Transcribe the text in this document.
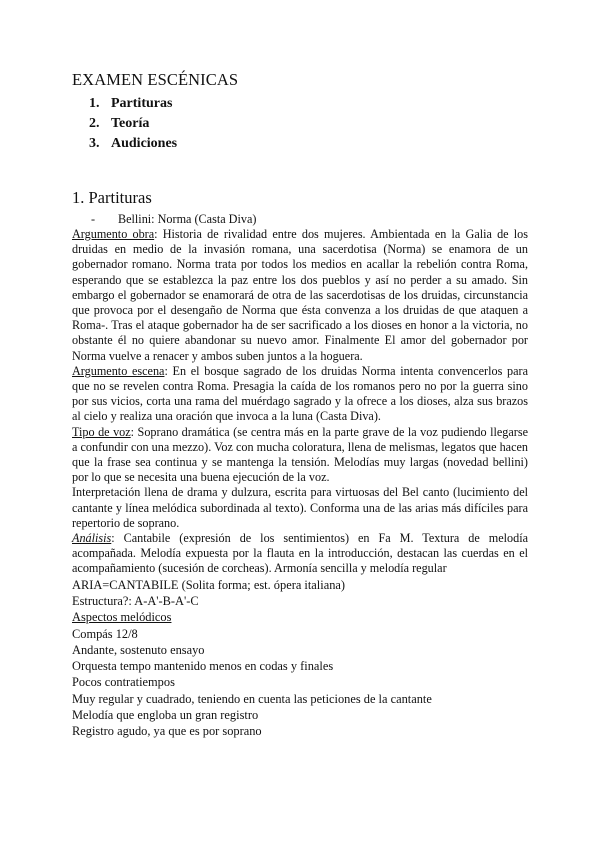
EXAMEN ESCÉNICAS
1. Partituras
2. Teoría
3. Audiciones
1. Partituras
- Bellini: Norma (Casta Diva)

Argumento obra: Historia de rivalidad entre dos mujeres. Ambientada en la Galia de los druidas en medio de la invasión romana, una sacerdotisa (Norma) se enamora de un gobernador romano. Norma trata por todos los medios en acallar la rebelión contra Roma, esperando que se establezca la paz entre los dos pueblos y así no perder a su amado. Sin embargo el gobernador se enamorará de otra de las sacerdotisas de los druidas, circunstancia que provoca por el desengaño de Norma que ésta convenza a los druidas de que ataquen a Roma-. Tras el ataque gobernador ha de ser sacrificado a los dioses en honor a la victoria, no obstante él no quiere abandonar su nuevo amor. Finalmente El amor del gobernador por Norma vuelve a renacer y ambos suben juntos a la hoguera.

Argumento escena: En el bosque sagrado de los druidas Norma intenta convencerlos para que no se revelen contra Roma. Presagia la caída de los romanos pero no por la guerra sino por sus vicios, corta una rama del muérdago sagrado y la ofrece a los dioses, alza sus brazos al cielo y realiza una oración que invoca a la luna (Casta Diva).

Tipo de voz: Soprano dramática (se centra más en la parte grave de la voz pudiendo llegarse a confundir con una mezzo). Voz con mucha coloratura, llena de melismas, legatos que hacen que la frase sea continua y se mantenga la tensión. Melodías muy largas (novedad bellini) por lo que se necesita una buena ejecución de la voz.

Interpretación llena de drama y dulzura, escrita para virtuosas del Bel canto (lucimiento del cantante y línea melódica subordinada al texto). Conforma una de las arias más difíciles para repertorio de soprano.

Análisis: Cantabile (expresión de los sentimientos) en Fa M. Textura de melodía acompañada. Melodía expuesta por la flauta en la introducción, destacan las cuerdas en el acompañamiento (sucesión de corcheas). Armonía sencilla y melodía regular

ARIA=CANTABILE (Solita forma; est. ópera italiana)

Estructura?: A-A'-B-A'-C

Aspectos melódicos

Compás 12/8

Andante, sostenuto ensayo

Orquesta tempo mantenido menos en codas y finales

Pocos contratiempos

Muy regular y cuadrado, teniendo en cuenta las peticiones de la cantante

Melodía que engloba un gran registro

Registro agudo, ya que es por soprano
